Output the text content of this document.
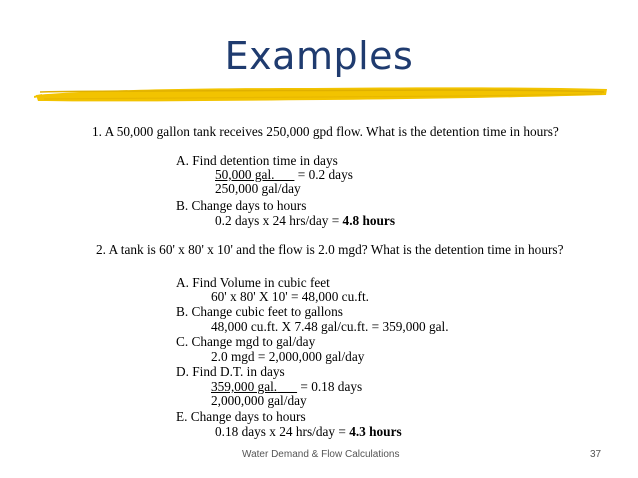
Examples
1. A 50,000 gallon tank receives 250,000 gpd flow. What is the detention time in hours?
A. Find detention time in days
50,000 gal. = 0.2 days
250,000 gal/day
B. Change days to hours
0.2 days x 24 hrs/day = 4.8 hours
2. A tank is 60' x 80' x 10' and the flow is 2.0 mgd? What is the detention time in hours?
A. Find Volume in cubic feet
60' x 80' X 10' = 48,000 cu.ft.
B. Change cubic feet to gallons
48,000 cu.ft. X 7.48 gal/cu.ft. = 359,000 gal.
C. Change mgd to gal/day
2.0 mgd = 2,000,000 gal/day
D. Find D.T. in days
359,000 gal. = 0.18 days
2,000,000 gal/day
E. Change days to hours
0.18 days x 24 hrs/day = 4.3 hours
Water Demand & Flow Calculations	37
